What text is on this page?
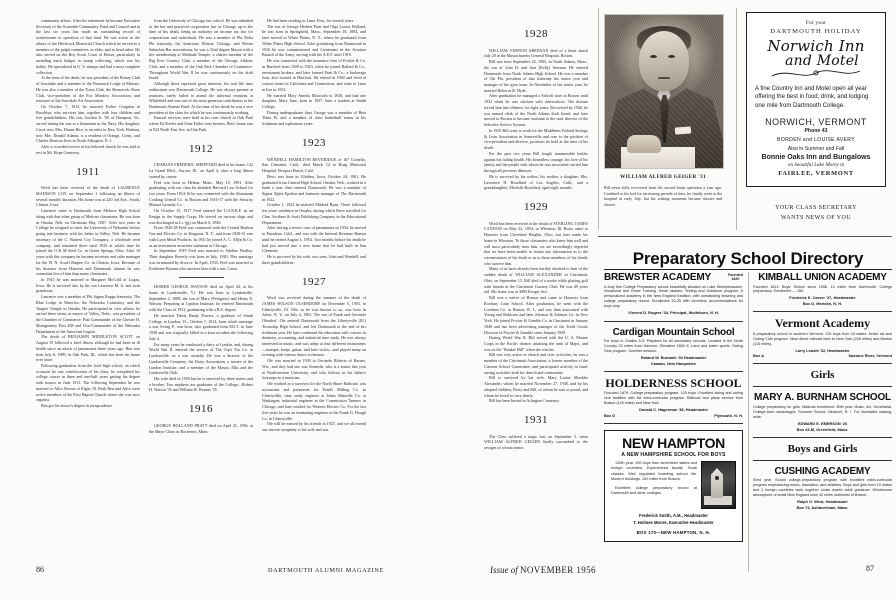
community affairs. After his retirement he became Executive Secretary of the Scarsdale Community Fund and Council and in the last six years has made an outstanding record of achievement in operation of that fund. He was active in the affairs of the Hitchcock Memorial Church which he served as a member of the pulpit committee, as elder, and as head usher. He also served on the Boy Scout Court of Honor, particularly in awarding merit badges in stamp collecting, which was his hobby. He specialized in U. S. stamps and had a most complete collection.

At the time of his death, he was president of the Rotary Club of Scarsdale and a member of the Nonotuck Lodge of Masons. He was also a member of the Town Club, the Shenorock Shore Club, vice-president of the Fox Meadow Association, and treasurer of the Scarsdale Art Association.

On October 7, 1913, he married Esther Congdon in Brooklyn, who survives him, together with four children and five grandchildren. His son, Gordon Jr. '38, of Hampton, Va., served during the war as a lieutenant in the Navy. His daughter, Carol, now Mrs. Duane Rice, is an artist in New York. Barbara, now Mrs. Donald Adams, is a resident of Orange, Conn., and Charles Denison lives in North Arlington, N. J.

After a crowded service in his beloved church he was laid to rest in Mt. Hope Cemetery.

1911

Word has been received of the death of LAURENCE MADISON COY on September 1 following an illness of several months' duration. His home was at 220 3rd Ave., South, Clinton, Iowa.

Laurence came to Dartmouth from Melrose High School along with that other group of Melrose classmates. He was born in Omaha, Neb. on Christmas Day, 1887. After two years in College he resigned to enter the University of Nebraska before going into business with his father in Valley, Neb. He became secretary of the C. Burnett Coy Company, a wholesale seed company, and remained there until 1923 at which time he joined the O & M Seed Co. in Green Springs, Ohio. After 10 years with this company he became secretary and sales manager for the W. N. Scarff Burpee Co. in Clinton, Iowa. Because of his distance from Hanover and Dartmouth alumni he saw somewhat less of him than many classmates.

In 1915 he was married to Margaret McCold of Logan, Iowa. He is survived also by his son Laurence M. Jr. and twin grandsons.

Laurence was a member of Phi Sigma Kappa fraternity, The Blue Lodge in Waterloo, the Nebraska Consistory and the Tangier Temple in Omaha. He participated in civic affairs: he served three terms as mayor of Valley, Nebr.; was president of the Chamber of Commerce; Past Commander of the Chester H. Montgomery Post #38 and Vice-Commander of the Nebraska Department of the American Legion.

The death of BENJAMIN MIDDLETON SCOTT on August 19 followed a brief illness although he had been in ill health since an attack of pneumonia three years ago. Ben was born July 6, 1889, in Oak Park, Ill., which has been his home ever since.

Following graduation from the local high school, on which occasion he was valedictorian of his class, he completed his college course in three and one-half years getting his degree with honors in June 1911. The following September he was married to Alice Brown of Elgin, Ill. Both Ben and Alice were active members of the First Baptist Church where she was once organist.

Ben got his doctor's degree in jurisprudence

from the University of Chicago law school. He was admitted to the bar and practiced corporation law in Chicago up to the time of his death, being an authority on income tax law for corporations and individuals. He was a member of Phi Delta Phi fraternity; the American, Illinois, Chicago, and Wester Suburban Bar associations; he was a 32nd degree Mason with a life membership of Medinah Temple; a charter member of the Big Foot Country Club; a member of the Chicago Athletic Club; and a member of the Oak Park Chamber of Commerce. Throughout World War II he was continuously on the draft board.

Although these represent great interests, his real life time enthusiasm was Dartmouth College. He was always present at reunions, rarely failed to attend the informal reunions at Whitefield and was one of the most generous contributors to the Dartmouth Alumni Fund. At the time of his death he was a vice president of the class for which he was continuously working.

Funeral services were held in his own church in Oak Park where Ed Keeler and Gene Fuller were bearers. Ben's home was at 924 North East Ave. in Oak Park.

1912

CHARLES FREDERIC SHEFFARD died at his home, 122 La Grand Blvd., Aurora, Ill., on April 4, after a long illness caused by cancer.

Fred was born in Helena, Mont., May 10, 1891. After graduating with our class he attended Harvard Law School for two years. From 1914-16 he was connected with the Aluminum Cooking Utensil Co. in Boston and 1916-17 with the Security Mutual Casualty Co.

On October 15, 1917 Fred entered the U.S.N.R.F. as an Ensign in the Supply Corps. He served on various ships and was discharged as Lt. (jg) on March 6, 1920.

From 1920-28 Fred was connected with the Central Hudson Gas and Electric Co. in Kingston, N. Y., and from 1928-31 was with Lyon Metal Products. In 1931 he joined A. C. Allyn & Co. as an investment securities salesman in Chicago.

In September 1919 Fred was married to Adeline Findlay. Their daughter Beverly was born in July, 1920. This marriage was terminated by divorce. In April, 1933, Fred was married to Katherine Bynum who survives him with a son, Curtis.

HOMER GEORGE WATSON died on April 24, at his home in Lyndonville, Vt. He was born at Lyndonville, September 2, 1888, the son of Mary (Pettigrew) and Henry E. Watson. Preparing at Lyndon Institute, he entered Dartmouth with the Class of 1912, graduating with a B.S. degree.

He married Thetis Hardy Powers, a graduate of Smith College, at Lyndon, Vt., October 7, 1914, from which marriage a son, Irving P., was born, who graduated from M.I.T. in June 1938 and was tragically killed in a boat accident the following July 4.

For many years he conducted a dairy at Lyndon, and, during World War II, entered the service of The Top's Fur Co. in Lyndonville, as a war casualty. He was a director of the Lyndonville Creamery, the Dairy Association, a trustee of the Lyndon Institute, and a member of the Mason, Elks and the Lyndonville Club.

His wife died in 1950 but he is survived by three sisters and a brother. Two nephews are graduates of the College—Robert H. Watson '35 and William W. Bonner '35.

1916

GEORGE HOLLAND PRATT died on April 21, 1956, at the Mayo Clinic in Rochester, Minn.

He had been residing in Lima, Peru, for several years.

The son of George Herbert Pratt and Olga Louise Holland, he was born in Springfield, Mass., September 18, 1894, and later moved to White Plains, N. Y., where he graduated from White Plains High School. After graduating from Dartmouth in 1916 he was commissioned and Lieutenant in the Aviation Branch of the Army, serving with the A.E.F. until 1919.

He was connected with the insurance firm of Frisbie & Co. in Hartford from 1920 to 1923, when he joined Ballard & Co., investment brokers, and later formed Pratt & Co., a brokerage firm, also located in Hartford. He retired in 1940 and lived at various times in California and Connecticut, and went to Lima to live in 1951.

He married Mary Amelia Ellsworth in 1926, and had one daughter, Mary Jane, born in 1927, later a student at Smith College.

During undergraduate days George was a member of Beta Theta Pi, and a member of class basketball teams in his freshman and sophomore years.

1923

WENDELL HAMILTON BEVERIDGE of 167 Cornelio, San Clemente, Calif., died March 14 in Hoag Memorial Hospital, Newport Beach, Calif.

Bevo was born in Glidden, Iowa, October 24, 1901. He graduated from Central High School, Omaha, Neb., worked in a bank a year, then entered Dartmouth. He was a member of Sigma Alpha Epsilon and business manager of The Dartmouth in 1922.

October 1, 1924 he married Mildred Ryan. There followed ten years' residence in Omaha, during which Bevo travelled for Chas. Scribner & Son's Publishing Company in the Educational Department.

After having a severe case of pneumonia in 1934, he moved to Pasadena, Calif., and was with the Internal Revenue Bureau until he retired August 1, 1954. Two months before his death he had just moved into a new home that he had built in San Clemente.

He is survived by his wife, two sons, John and Wendell, and three grandchildren.

1927

Word was received during the summer of the death of JAMES WILSON OLSENDORF on December 5, 1955, in Libertyville, Ill. Olie, as he was known to us, was born in Afton, N. Y., on July 4, 1905. The son of Frank and Gertrude Olendorf, Ole entered Dartmouth from the Libertyville (Ill.) Township High School, and left Dartmouth at the end of his freshman year. He later continued his education with courses in dentistry, accounting, and industrial time study. He was always interested in music, and was adept at four different instruments—trumpet, banjo, guitar, and bass violin—and played many an evening with various dance orchestras.

Ole was married in 1930 to Gertrude Roberts of Racine, Wis., and they had one son, Kenneth, who is a senior this year at Northwestern University, and who follows in his father's footsteps as a musician.

Ole worked as a surveyor for the North Shore Railroad; was accountant and paymaster for Pond's Milling Co. in Libertyville; time study engineer at Johns Manville Co. at Waukegan; industrial engineer at the Commission Tanners in Chicago; and later worked for Western Electric Co. For the last five years he was an estimating engineer at the Frank G. Hough Co. in Libertyville.

Ole will be missed by his friends in 1927, and we all extend our sincere sympathy to his wife and son.

86	DARTMOUTH ALUMNI MAGAZINE
1928

WILLIAM VERNON SREENAN died of a heart attack July 20 at the Massachusetts General Hospital, Boston.

Bill was born September 22, 1905, in North Adams, Mass., the son of John H. and Ann (Kelly) Sreenan. He entered Dartmouth from North Adams High School. He was a member of Chi Phi, president of that fraternity his senior year and manager of the gym team. In November of his senior year, he married Rebecca R. Hyde.

After graduation he managed a Schraft store in Boston until 1932 when he was stricken with tuberculosis. The disease forced him into idleness for eight years. Recovered by 1940, he was named clerk of the North Adams draft board, and later moved to Boston to become assistant to the state director of the Selective Service System.

In 1945 Bill went to work for the Middlesex Federal Savings & Loan Association in Somerville and rose to the position of vice-president and director, positions he held at the time of his death.

For the past two years Bill fought innumerable battles against his failing health. His boundless courage, his love of his family and the people with whom he was associated carried him through all previous illnesses.

He is survived by his widow, his mother, a daughter, Mrs. Lawrence H. Rouillard of Los Angeles, Calif., and a granddaughter, Michelle Rouillard, aged eight months.

1929

Word has been received of the death of STERLING JAMES CANNON on May 22, 1954, in Wheaton, Ill. Roots came to Hanover from Cleveland Heights, Ohio, but later made his home in Wheaton. To those classmates who knew him well and will most particularly miss him, we are exceedingly regretful that we have been unable to obtain any information as to the circumstances of his death or as to those members of his family who survive him.

Many of us have already been terribly shocked to hear of the sudden death of WILLIAM ALEXANDER in Cincinnati, Ohio, on September 15. Bill died of a stroke while playing golf with friends at the Cincinnati Country Club. He was 49 years old. His home was at 3883 Kroger Ave.

Bill was a native of Boston and came to Hanover from Roxbury Latin School. After graduation, he went with the Loreham Co. in Boston, R. I., and was then associated with Young and Rubicam and later Johnson & Johnson Co. in New York. He joined Procter & Gamble Co. in Cincinnati in January 1948 and has been advertising manager of the Toilet Goods Division of Procter & Gamble since January 1949.

During World War II, Bill served with the U. S. Marine Corps in the Pacific theatre, attaining the rank of Major, and was on the "Bunker Hill" when she was hit.

Bill was very active in church and civic activities; he was a member of the Cincinnati Association; a former member of the Citizens School Committee; and participated actively in fund-raising activities both for church and community.

Bill is survived by his wife, Mary Louise Moulder Alexander, whom he married November 27, 1938, and by his adopted children, Betsy and Bill, of whom he was so proud, and whom he loved so very dearly.

Bill has been buried in Arlington Cemetery.

1931

The Class suffered a tragic loss on September 5, when WILLIAM ALFRED GEIGER finally succumbed to the ravages of a brain tumor.

WILLIAM ALFRED GEIGER '31
Bill never fully recovered from his second brain operation a year ago. Confined to his bed for increasing periods of time, he finally went to the hospital in early July, but his waking moments became shorter and shorter
For your
DARTMOUTH HOLIDAY
Norwich Inn
and Motel
A fine Country Inn and Motel open all year offering the best in food, drink, and lodging one mile from Dartmouth College.
NORWICH, VERMONT
Phone 43
BORDEN and LOUISE AVERY
Also in Summer and Fall
Bonnie Oaks Inn and Bungalows
on beautiful Lake Morey in
FAIRLEE, VERMONT
YOUR CLASS SECRETARY
WANTS NEWS OF YOU
Preparatory School Directory
Founded
1820
BREWSTER ACADEMY
A truly fine College Preparatory school beautifully situated on Lake Winnipesaukee. Vocational and Driver Training. Small classes. Testing and Guidance program. A personalized academy in the New England tradition, with outstanding teaching and college preparatory record. Enrollment 20-25 with dormitory accommodations for boys only.
Vincent D. Rogers '34, Principal, Wolfeboro, N. H.
Cardigan Mountain School
For boys in Grades 5-9. Prepares for all secondary schools. Located in the North Country 22 miles from Hanover. Elevation 1800 ft. Land and water sports. Outing Club program. Summer session.
Roland W. Burbank '33 Headmaster
Canaan, New Hampshire
HOLDERNESS SCHOOL
Founded 1879. College preparatory program. 120 boys. Excellent skiing and outing club facilities with full extra-curricular program. Railroad and plane service from Boston (120 miles) and New York.
Donald C. Hagerman '38, Headmaster
Box D	Plymouth, N. H.
NEW HAMPTON
A NEW HAMPSHIRE SCHOOL FOR BOYS

130th year, 190 boys from seventeen states and foreign countries. Experienced faculty. Small classes. Well regulated boarding school life. Modern buildings. 100 miles from Boston.

Excellent college preparatory record at Dartmouth and other colleges.

Frederick Smith, A.M., Headmaster
T. Holmes Moore, Executive Headmaster
BOX 170—NEW HAMPTON, N. H.
KIMBALL UNION ACADEMY
Founded 1813. Boys' School since 1956. 14 miles from Dartmouth. College preparatory. Enrollment — 150.
Frederick E. Carver '27, Headmaster
Box D, Meriden, N. H.
Vermont Academy
A preparatory school in southern Vermont. 125 boys from 15 states. Active ski and Outing Club program. Near direct railroad lines to New York (228 miles) and Boston (115 miles).
Larry Leavitt '32, Headmaster
Box A	Saxtons River, Vermont
Girls
MARY A. BURNHAM SCHOOL
College preparatory for girls. National enrollment. 80th year. Music, Art, Secretarial. College-town advantages. Summer School, Newport, R. I. For illustrated catalog, write:
EDWARD E. EMERSON '26
Box 43-M, Greenfield, Mass.
Boys and Girls
CUSHING ACADEMY
92nd year. Sound college-preparatory program with excellent extra-curricular program emphasizing music, dramatics, and athletics. Boys and girls from 15 states and 3 foreign countries work together under expert adult guidance. Wholesome atmosphere of small New England town 40 miles northwest of Boston.
Ralph O. West, Headmaster
Box 73, Ashburnham, Mass.
Issue of NOVEMBER 1956	87
